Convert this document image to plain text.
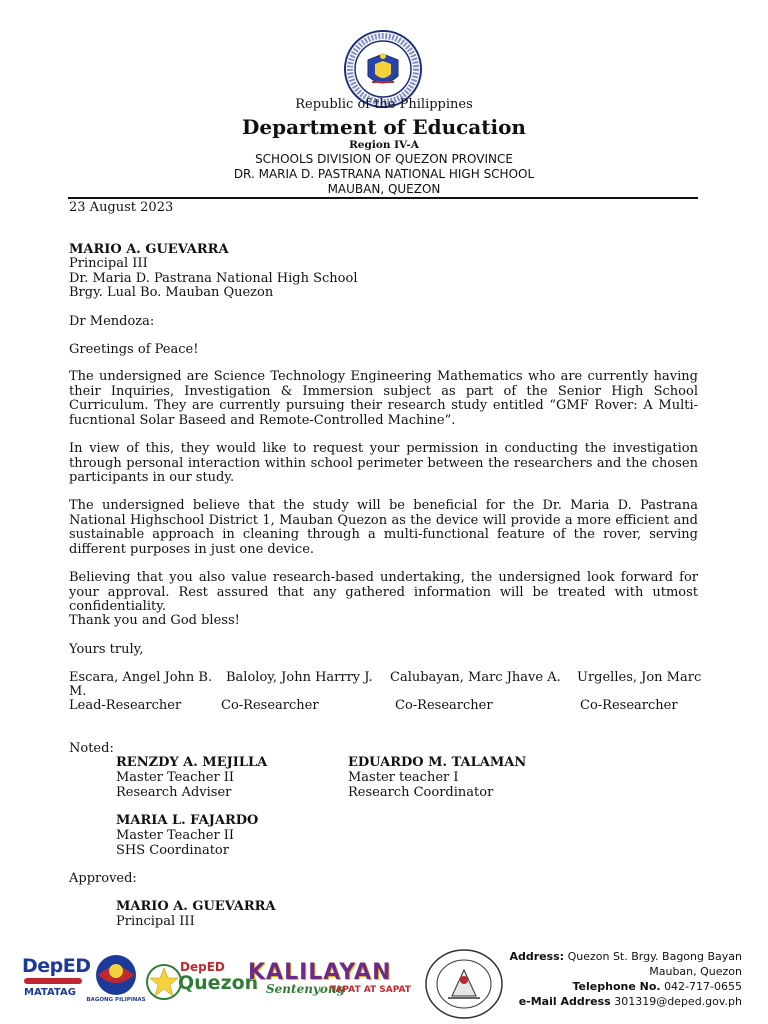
Republic of the Philippines
Department of Education
Region IV-A
SCHOOLS DIVISION OF QUEZON PROVINCE
DR. MARIA D. PASTRANA NATIONAL HIGH SCHOOL
MAUBAN, QUEZON
23 August 2023
MARIO A. GUEVARRA
Principal III
Dr. Maria D. Pastrana National High School
Brgy. Lual Bo. Mauban Quezon
Dr Mendoza:
Greetings of Peace!
The undersigned are Science Technology Engineering Mathematics who are currently having their Inquiries, Investigation & Immersion subject as part of the Senior High School Curriculum. They are currently pursuing their research study entitled “GMF Rover: A Multi-fucntional Solar Baseed and Remote-Controlled Machine”.
In view of this, they would like to request your permission in conducting the investigation through personal interaction within school perimeter between the researchers and the chosen participants in our study.
The undersigned believe that the study will be beneficial for the Dr. Maria D. Pastrana National Highschool District 1, Mauban Quezon as the device will provide a more efficient and sustainable approach in cleaning through a multi-functional feature of the rover, serving different purposes in just one device.
Believing that you also value research-based undertaking, the undersigned look forward for your approval. Rest assured that any gathered information will be treated with utmost confidentiality.
Thank you and God bless!
Yours truly,
Escara, Angel John B. Baloloy, John Harrry J. Calubayan, Marc Jhave A. Urgelles, Jon Marc
M.
Lead-Researcher	Co-Researcher	Co-Researcher	Co-Researcher
Noted:
RENZDY A. MEJILLA
Master Teacher II
Research Adviser
EDUARDO M. TALAMAN
Master teacher I
Research Coordinator
MARIA L. FAJARDO
Master Teacher II
SHS Coordinator
Approved:
MARIO A. GUEVARRA
Principal III
DepED
MATATAG
BAGONG PILIPINAS
DepED
Quezon
KALILAYAN
Sentenyong
TAPAT AT SAPAT
Address: Quezon St. Brgy. Bagong Bayan
Mauban, Quezon
Telephone No. 042-717-0655
e-Mail Address 301319@deped.gov.ph
